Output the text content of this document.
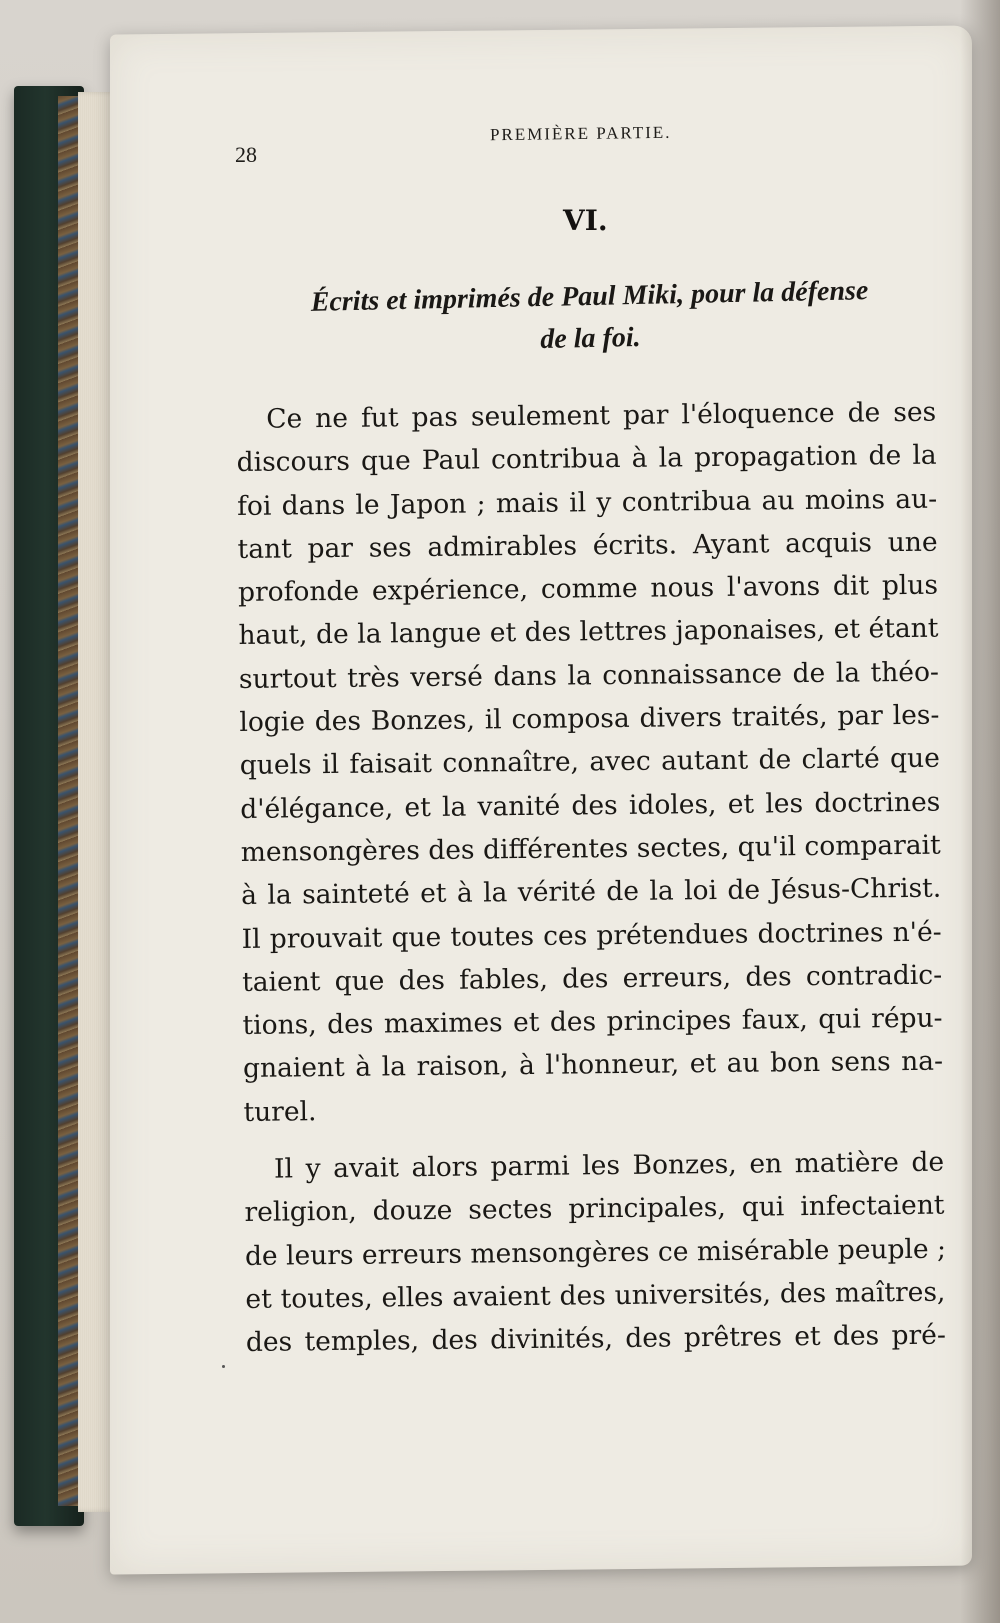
28
PREMIÈRE PARTIE.
VI.
Écrits et imprimés de Paul Miki, pour la défense
de la foi.

Ce ne fut pas seulement par l'éloquence de ses
discours que Paul contribua à la propagation de la
foi dans le Japon ; mais il y contribua au moins au-
tant par ses admirables écrits. Ayant acquis une
profonde expérience, comme nous l'avons dit plus
haut, de la langue et des lettres japonaises, et étant
surtout très versé dans la connaissance de la théo-
logie des Bonzes, il composa divers traités, par les-
quels il faisait connaître, avec autant de clarté que
d'élégance, et la vanité des idoles, et les doctrines
mensongères des différentes sectes, qu'il comparait
à la sainteté et à la vérité de la loi de Jésus-Christ.
Il prouvait que toutes ces prétendues doctrines n'é-
taient que des fables, des erreurs, des contradic-
tions, des maximes et des principes faux, qui répu-
gnaient à la raison, à l'honneur, et au bon sens na-
turel.

Il y avait alors parmi les Bonzes, en matière de
religion, douze sectes principales, qui infectaient
de leurs erreurs mensongères ce misérable peuple ;
et toutes, elles avaient des universités, des maîtres,
des temples, des divinités, des prêtres et des pré-
